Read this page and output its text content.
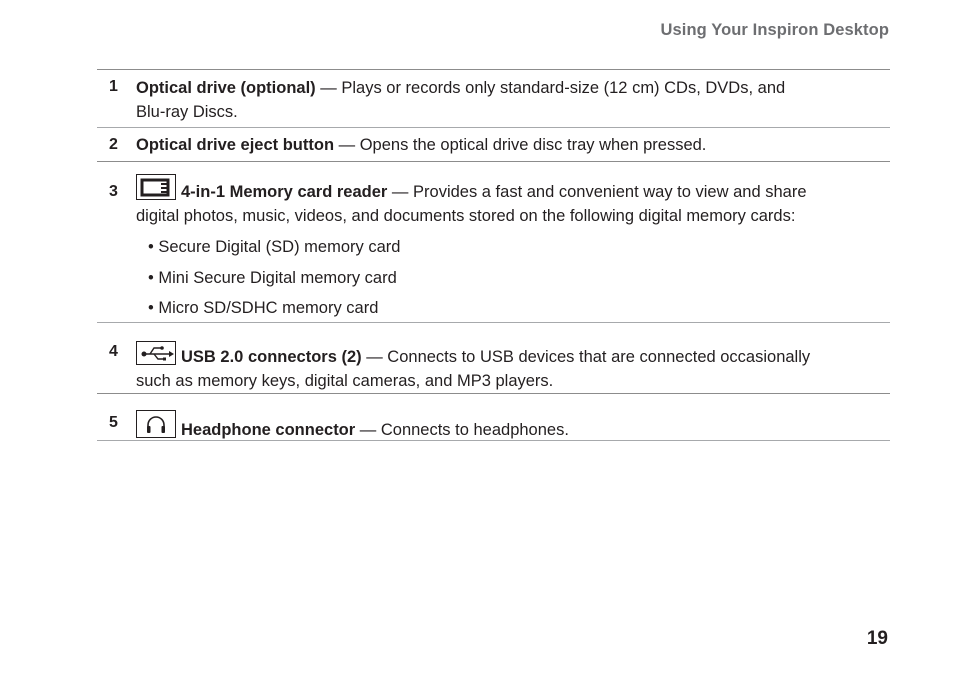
Using Your Inspiron Desktop
1 Optical drive (optional) — Plays or records only standard-size (12 cm) CDs, DVDs, and
Blu-ray Discs.
2 Optical drive eject button — Opens the optical drive disc tray when pressed.
3	4-in-1 Memory card reader — Provides a fast and convenient way to view and share
digital photos, music, videos, and documents stored on the following digital memory cards:
• Secure Digital (SD) memory card
• Mini Secure Digital memory card
• Micro SD/SDHC memory card
4	USB 2.0 connectors (2) — Connects to USB devices that are connected occasionally
such as memory keys, digital cameras, and MP3 players.
5	Headphone connector — Connects to headphones.
19
